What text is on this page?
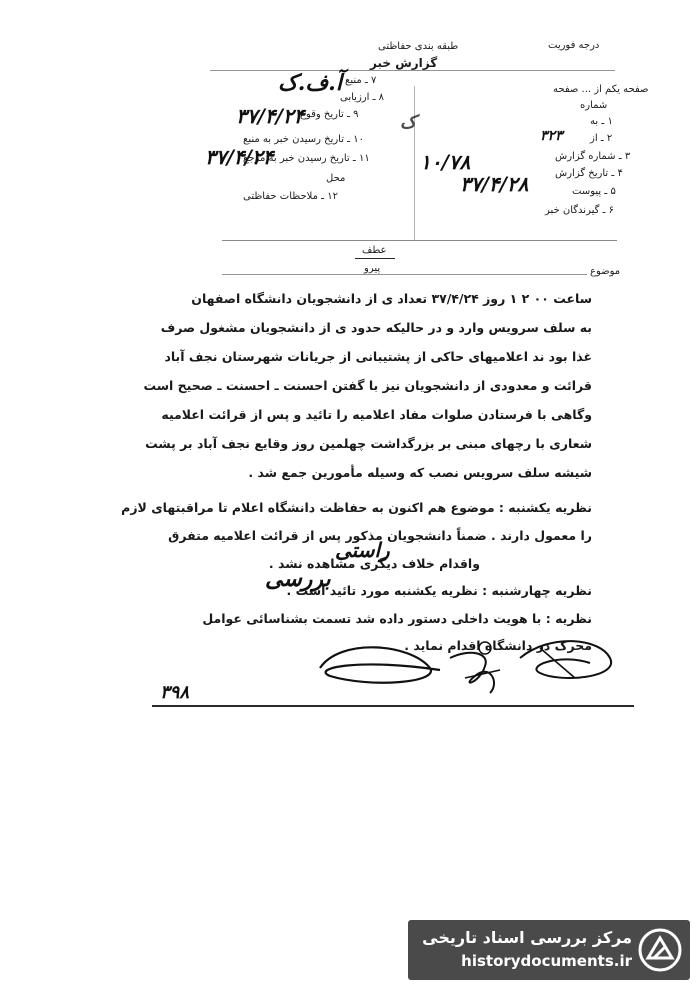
درجه فوریت
طبقه بندی حفاظتی
گزارش خبر
صفحه یکم از ... صفحه
شماره
۱ ـ به
۲ ـ از
۳ ـ شماره گزارش
۴ ـ تاریخ گزارش
۵ ـ پیوست
۶ ـ گیرندگان خبر
۷ ـ منبع
۸ ـ ارزیابی
۹ ـ تاریخ وقوع
۱۰ ـ تاریخ رسیدن خبر به منبع
۱۱ ـ تاریخ رسیدن خبر به مرجع
محل
۱۲ ـ ملاحظات حفاظتی
آ.ف.ک
۳۷/۴/۲۴
۳۷/۴/۲۴
۳۲۳
۱۰/۷۸
۳۷/۴/۲۸
ک
عطف
پیرو	موضوع
ساعت ۰۰ ۲ ۱ روز ۳۷/۴/۲۴ تعداد ی از دانشجویان دانشگاه اصفهان
به سلف سرویس وارد و در حالیکه حدود ی از دانشجویان مشغول صرف
غذا بود ند اعلامیهای حاکی از پشتیبانی از جریانات شهرستان نجف آباد
قرائت و معدودی از دانشجویان نیز با گفتن احسنت ـ احسنت ـ صحیح است
وگاهی با فرستادن صلوات مفاد اعلامیه را تائید و پس از قرائت اعلامیه
شعاری با رچهای مبنی بر بزرگداشت چهلمین روز وقایع نجف آباد بر پشت
شیشه سلف سرویس نصب که وسیله مأمورین جمع شد .
نظریه یکشنبه : موضوع هم اکنون به حفاظت دانشگاه اعلام تا مراقبتهای لازم
را معمول دارند . ضمناً دانشجویان مذکور پس از قرائت اعلامیه متفرق
واقدام خلاف دیگری مشاهده نشد .
نظریه چهارشنبه : نظریه یکشنبه مورد تائید است .
نظریه : با هویت داخلی دستور داده شد تسمت بشناسائی عوامل
محرک در دانشگاه اقدام نماید .
راستی
بررسی
۳۹۸
مرکز بررسی اسناد تاریخی
historydocuments.ir
